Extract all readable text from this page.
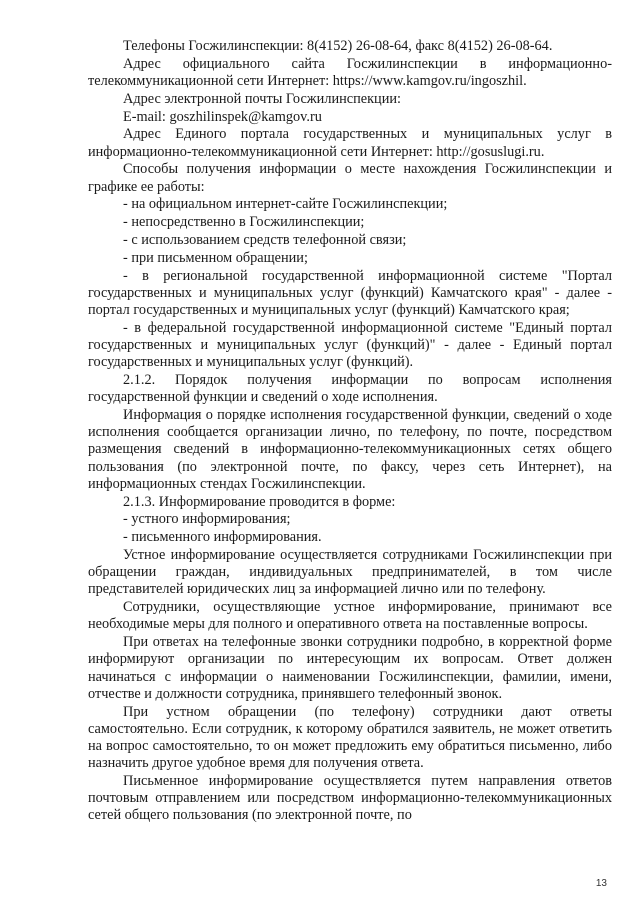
Телефоны Госжилинспекции: 8(4152) 26-08-64, факс 8(4152) 26-08-64.

Адрес официального сайта Госжилинспекции в информационно-телекоммуникационной сети Интернет: https://www.kamgov.ru/ingoszhil.

Адрес электронной почты Госжилинспекции:

E-mail: goszhilinspek@kamgov.ru

Адрес Единого портала государственных и муниципальных услуг в информационно-телекоммуникационной сети Интернет: http://gosuslugi.ru.

Способы получения информации о месте нахождения Госжилинспекции и графике ее работы:

- на официальном интернет-сайте Госжилинспекции;

- непосредственно в Госжилинспекции;

- с использованием средств телефонной связи;

- при письменном обращении;

- в региональной государственной информационной системе "Портал государственных и муниципальных услуг (функций) Камчатского края" - далее - портал государственных и муниципальных услуг (функций) Камчатского края;

- в федеральной государственной информационной системе "Единый портал государственных и муниципальных услуг (функций)" - далее - Единый портал государственных и муниципальных услуг (функций).

2.1.2. Порядок получения информации по вопросам исполнения государственной функции и сведений о ходе исполнения.

Информация о порядке исполнения государственной функции, сведений о ходе исполнения сообщается организации лично, по телефону, по почте, посредством размещения сведений в информационно-телекоммуникационных сетях общего пользования (по электронной почте, по факсу, через сеть Интернет), на информационных стендах Госжилинспекции.

2.1.3. Информирование проводится в форме:

- устного информирования;

- письменного информирования.

Устное информирование осуществляется сотрудниками Госжилинспекции при обращении граждан, индивидуальных предпринимателей, в том числе представителей юридических лиц за информацией лично или по телефону.

Сотрудники, осуществляющие устное информирование, принимают все необходимые меры для полного и оперативного ответа на поставленные вопросы.

При ответах на телефонные звонки сотрудники подробно, в корректной форме информируют организации по интересующим их вопросам. Ответ должен начинаться с информации о наименовании Госжилинспекции, фамилии, имени, отчестве и должности сотрудника, принявшего телефонный звонок.

При устном обращении (по телефону) сотрудники дают ответы самостоятельно. Если сотрудник, к которому обратился заявитель, не может ответить на вопрос самостоятельно, то он может предложить ему обратиться письменно, либо назначить другое удобное время для получения ответа.

Письменное информирование осуществляется путем направления ответов почтовым отправлением или посредством информационно-телекоммуникационных сетей общего пользования (по электронной почте, по

13
